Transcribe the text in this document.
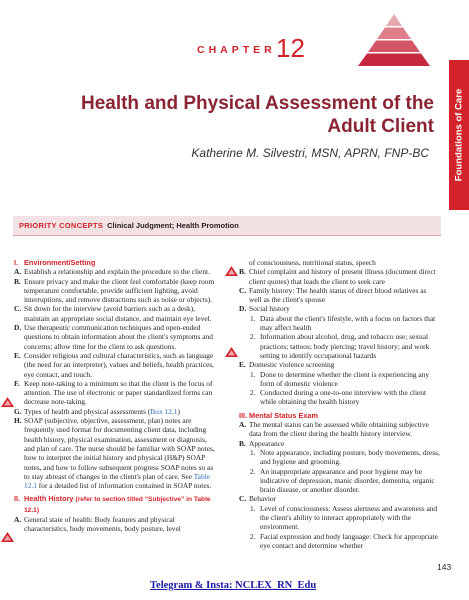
Foundations of Care
CHAPTER 12
Health and Physical Assessment of the
Adult Client
Katherine M. Silvestri, MSN, APRN, FNP-BC
PRIORITY CONCEPTS Clinical Judgment; Health Promotion
I. Environment/Setting
A. Establish a relationship and explain the procedure to the client.
B. Ensure privacy and make the client feel comfortable (keep room temperature comfortable, provide sufficient lighting, avoid interruptions, and remove distractions such as noise or objects).
C. Sit down for the interview (avoid barriers such as a desk), maintain an appropriate social distance, and maintain eye level.
D. Use therapeutic communication techniques and open-ended questions to obtain information about the client's symptoms and concerns; allow time for the client to ask questions.
E. Consider religious and cultural characteristics, such as language (the need for an interpreter), values and beliefs, health practices, eye contact, and touch.
F. Keep note-taking to a minimum so that the client is the focus of attention. The use of electronic or paper standardized forms can decrease note-taking.
G. Types of health and physical assessments (Box 12.1)
H. SOAP (subjective, objective, assessment, plan) notes are frequently used format for documenting client data, including health history, physical examination, assessment or diagnosis, and plan of care. The nurse should be familiar with SOAP notes, how to interpret the initial history and physical (H&P) SOAP notes, and how to follow subsequent progress SOAP notes so as to stay abreast of changes in the client's plan of care. See Table 12.1 for a detailed list of information contained in SOAP notes.
II. Health History (refer to section titled “Subjective” in Table 12.1)
A. General state of health: Body features and physical characteristics, body movements, body posture, level
of consciousness, nutritional status, speech
B. Chief complaint and history of present illness (document direct client quotes) that leads the client to seek care
C. Family history: The health status of direct blood relatives as well as the client's spouse
D. Social history
1. Data about the client's lifestyle, with a focus on factors that may affect health
2. Information about alcohol, drug, and tobacco use; sexual practices; tattoos; body piercing; travel history; and work setting to identify occupational hazards
E. Domestic violence screening
1. Done to determine whether the client is experiencing any form of domestic violence
2. Conducted during a one-to-one interview with the client while obtaining the health history
III. Mental Status Exam
A. The mental status can be assessed while obtaining subjective data from the client during the health history interview.
B. Appearance
1. Note appearance, including posture, body movements, dress, and hygiene and grooming.
2. An inappropriate appearance and poor hygiene may be indicative of depression, manic disorder, dementia, organic brain disease, or another disorder.
C. Behavior
1. Level of consciousness: Assess alertness and awareness and the client's ability to interact appropriately with the environment.
2. Facial expression and body language: Check for appropriate eye contact and determine whether
143
Telegram & Insta: NCLEX_RN_Edu
